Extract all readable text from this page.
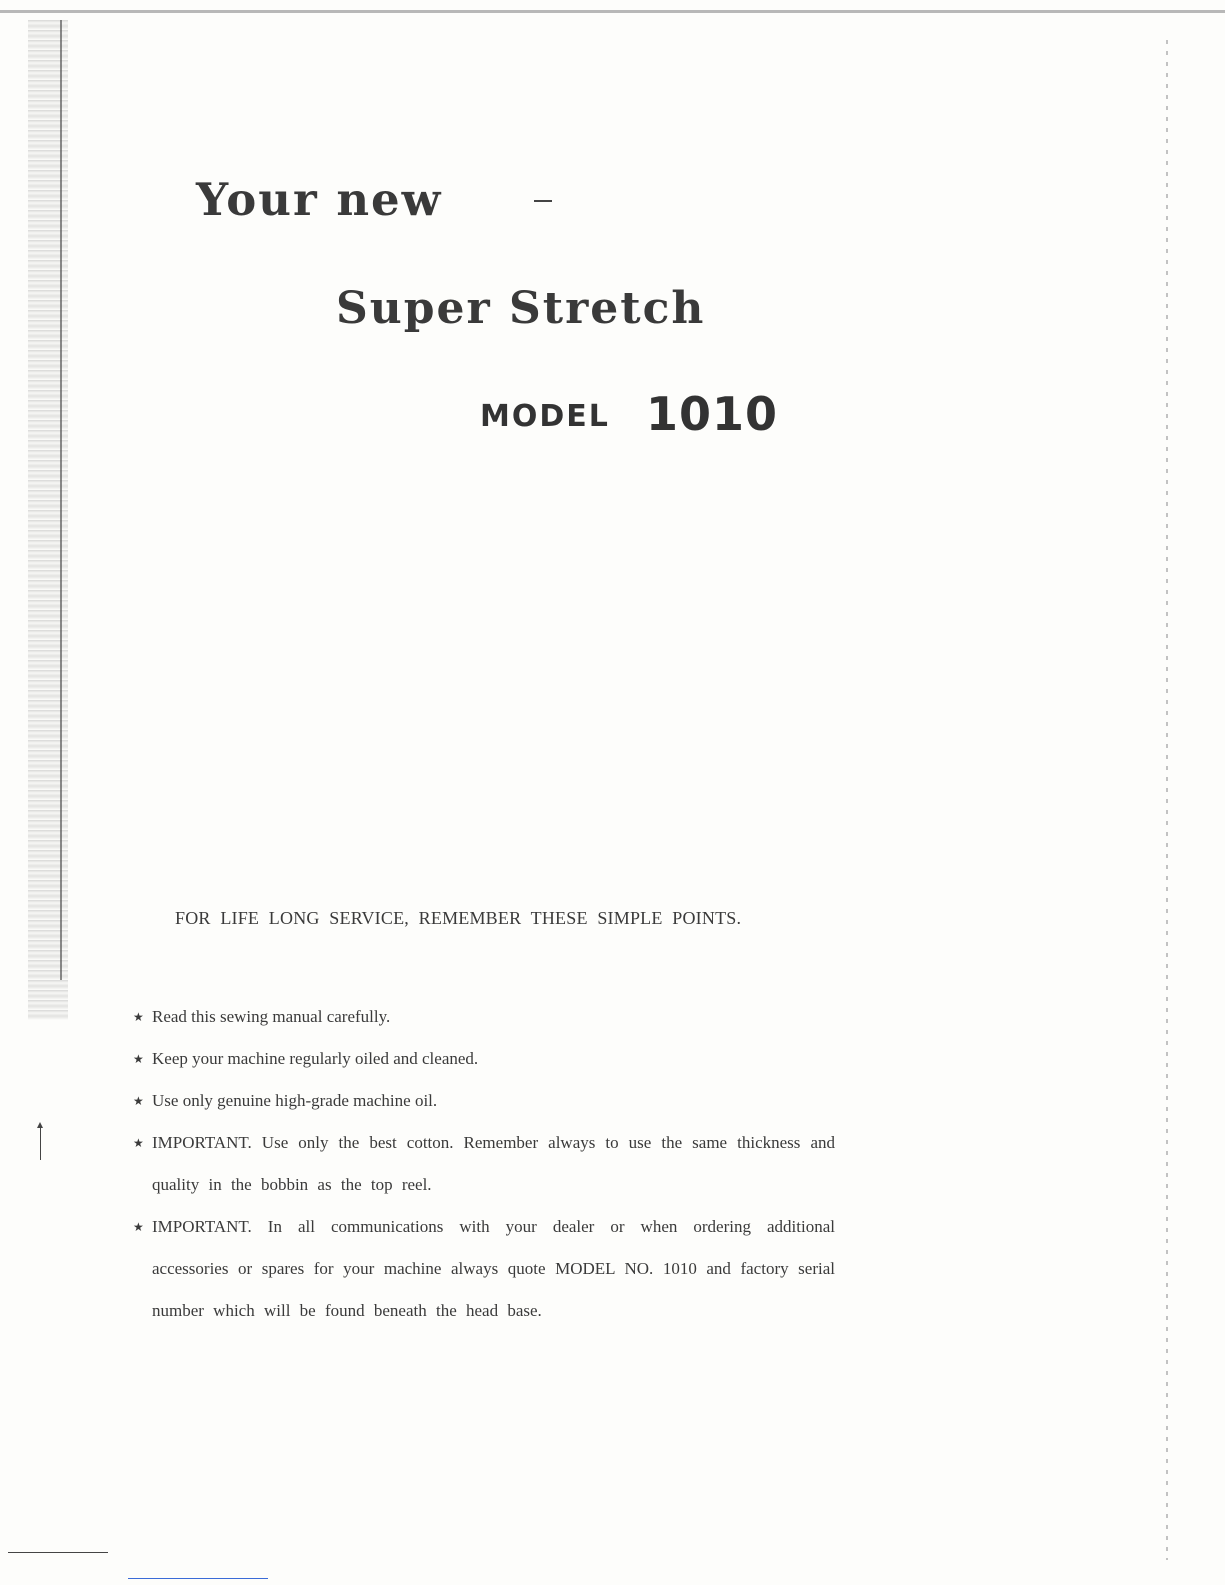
Your new
Super Stretch
MODEL 1010
FOR LIFE LONG SERVICE, REMEMBER THESE SIMPLE POINTS.
★ Read this sewing manual carefully.
★ Keep your machine regularly oiled and cleaned.
★ Use only genuine high-grade machine oil.
★ IMPORTANT. Use only the best cotton. Remember always to use the same thickness and quality in the bobbin as the top reel.
★ IMPORTANT. In all communications with your dealer or when ordering additional accessories or spares for your machine always quote MODEL NO. 1010 and factory serial number which will be found beneath the head base.
